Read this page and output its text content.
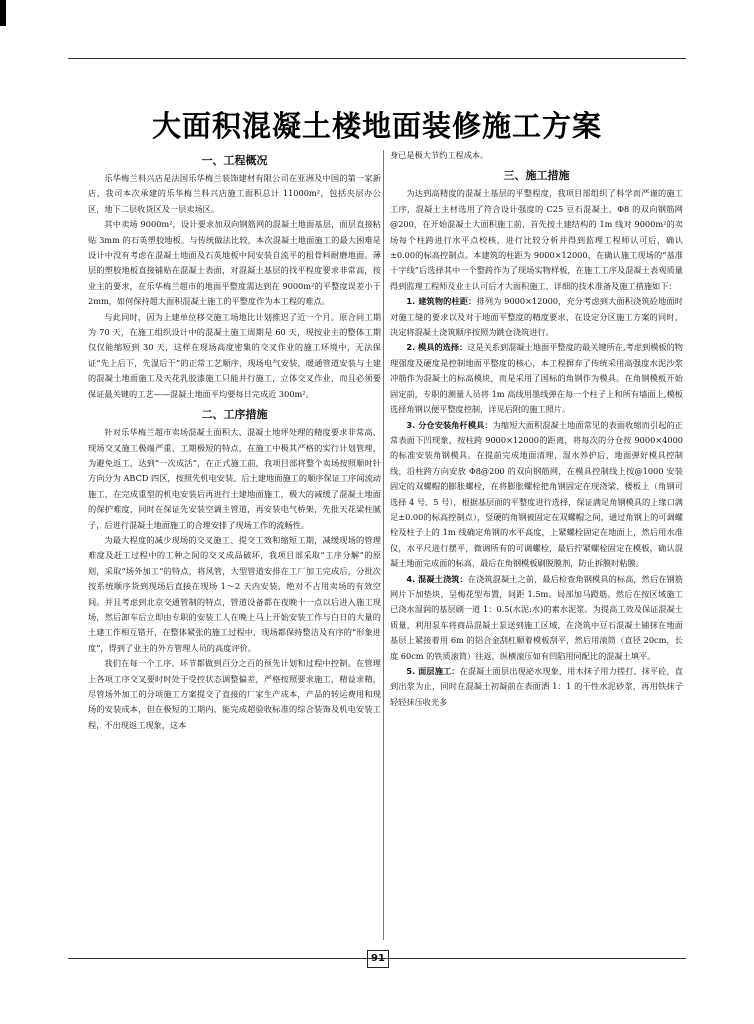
大面积混凝土楼地面装修施工方案
一、工程概况

乐华梅兰科兴店是法国乐华梅兰装饰建材有限公司在亚洲及中国的第一家新店，我司本次承建的乐华梅兰科兴店施工面积总计 11000m²，包括夹层办公区，地下二层收货区及一层卖场区。

其中卖场 9000m²，设计要求加双向钢筋网的混凝土地面基层，面层直接粘贴 3mm 的石英塑胶地板。与传统做法比较，本次混凝土地面施工的最大困难是设计中没有考虑在混凝土地面及石英地板中间安装自流平的租骨料耐磨地面。薄层的塑胶地板直接铺贴在混凝土表面，对混凝土基层的找平程度要求非常高，按业主的要求，在乐华梅兰超市的地面平整度需达到在 9000m²的平整度误差小于 2mm，如何保持超大面积混凝土施工的平整度作为本工程的难点。

与此同时，因为上建单位移交施工场地比计划推迟了近一个月。原合同工期为 70 天，在施工组织设计中的混凝土施工周期是 60 天，现按业主的整体工期仅仅能缩短到 30 天，这样在现场高度密集的交叉作业的施工环境中，无法保证“先上后下，先湿后干”的正常工艺顺序，现场电气安装，暖通管道安装与土建的混凝土地面施工及天花乳胶漆施工只能并行施工，立体交叉作业，而且必须要保证最关键的工艺——混凝土地面平均要每日完成近 300m²。

二、工序措施

针对乐华梅兰超市卖场混凝土面积大、混凝土地坪处理的精度要求非常高、现场交叉施工极端严重、工期极短的特点，在施工中极其严格的实行计划管理，为避免返工，达到“一次成活”，在正式施工前，我项目部将整个卖场按照顺时针方向分为 ABCD 四区，按照先机电安装、后土建地面施工的顺序保证工序间流动施工，在完成重型的机电安装后再进行土建地面施工，极大的减缓了混凝土地面的保护难度，同时在保证先安装空调主管道，再安装电气桥架，先批天花梁柱腻子，后进行混凝土地面施工的合理安排了现场工作的流畅性。

为最大程度的减少现场的交叉施工、提交工效和缩短工期，减缓现场的管理难度及赶工过程中的工种之间的交叉成品破坏，我项目部采取“工序分解”的原则，采取“场外加工”的特点，将风管，大型管道安排在工厂加工完成后，分批次按系统顺序货到现场后直接在现场 1～2 天内安装，绝对不占用卖场的有效空间。并且考虑到北京交通管制的特点，管道设备都在夜晚十一点以后进入施工现场，然后卸车后立即由专职的安装工人在晚上马上开始安装工作与白日的大量的土建工作相互错开，在整体紧张的施工过程中，现场都保持整洁及有序的“形象进度”，得到了业主的外方管理人员的高度评价。

我们在每一个工序、环节都做到百分之百的预先计划和过程中控制。在管理上各项工序交叉要时时处于受控状态调整偏差，严格按照要求施工，精益求精，尽管场外加工的分项施工方案提交了直接的厂家生产成本，产品的转运费用和现场的安装成本，但在极短的工期内，能完成超验收标准的综合装饰及机电安装工程，不出现返工现象，这本

身已是极大节约工程成本。

三、施工措施

为达到高精度的混凝土基层的平整程度，我项目部组织了科学而严谨的施工工序，混凝土主材选用了符合设计强度的 C25 豆石混凝土，Φ8 的双向钢筋网@200，在开始混凝土大面积施工前，首先按土建结构的 1m 线对 9000m²的卖场每个柱跨进行水平点校核，进行比较分析并得到监理工程师认可后，确认±0.00的标高控制点。本建筑的柱距为 9000×12000，在确认施工现场的“基准十字线”后选择其中一个整跨作为了现场实物样板，在施工工序及混凝土表观质量得到监理工程师及业主认可后才大面积施工，详细的技术准备及施工措施如下：

1. 建筑物的柱距：排列为 9000×12000，充分考虑到大面积浇筑砼地面时对施工缝的要求以及对于地面平整度的精度要求，在设定分区施工方案的同时，决定将混凝土浇筑顺序按照为跳仓浇筑进行。

2. 模具的选择：这是关系到混凝土地面平整度的最关键所在,考虑到模板的物理强度及硬度是控制地面平整度的核心，本工程摒弃了传统采用高强度水泥沙浆冲筋作为混凝土的标高模块，而是采用了国标的角钢作为模具。在角钢模板开始固定前，专职的测量人员将 1m 高线用墨线弹在每一个柱子上和所有墙面上,模板选择角钢以便平整度控制，详见后附的施工照片。

3. 分仓安装角杆模具：为缩短大面积混凝土地面常见的表面收缩而引起的正常表面下凹现象，按柱跨 9000×12000的距离，将每次的分仓按 9000×4000的标准安装角钢模具。在提前完成地面清理，湿水养护后，地面弹好模具控制线，沿柱跨方向安放 Φ8@200 的双向钢筋网，在模具控制线上按@1000 安装固定的双螺帽的膨胀螺栓，在将膨胀螺栓把角钢固定在现浇梁、楼板上（角钢可选择 4 号、5 号），根据基层面的平整度进行选择，保证满足角钢模具的上缘口满足±0.00的标高控制点），竖硬的角钢被固定在双螺帽之间，通过角钢上的可调螺栓及柱子上的 1m 线确定角钢的水平高度，上紧螺栓固定在地面上，然后用水准仪，水平尺进行摆平，微调所有的可调螺栓，最后拧紧螺栓固定在模板，确认混凝土地面完成面的标高，最后在角钢模板刷脱膜剂，防止拆膜时粘膜。

4. 混凝土浇筑：在浇筑混凝土之前，最后检查角钢模具的标高，然后在钢筋网片下加垫块，呈梅花型布置，间距 1.5m。局部加马蹬筋。然后在按区域施工已浇水湿润的基层刷一道 1：0.5(水泥:水)的素水泥浆。为提高工效及保证混凝土质量，利用泵车将商品混凝土泵送到施工区域，在浇筑中豆石混凝土铺抹在地面基层上紧接着用 6m 的铝合金刮杠顺着模板刮平，然后用滚筒（直径 20cm，长度 60cm 的铁质滚筒）往返，纵横滚压如有凹陷用同配比的混凝土填平。

5. 面层施工：在混凝土面层出现泌水现象，用木抹子用力搓打、抹平砼，直到出浆为止，同时在混凝土初凝前在表面洒 1：1 的干性水泥砂浆，再用铁抹子轻轻抹压收光多

91
